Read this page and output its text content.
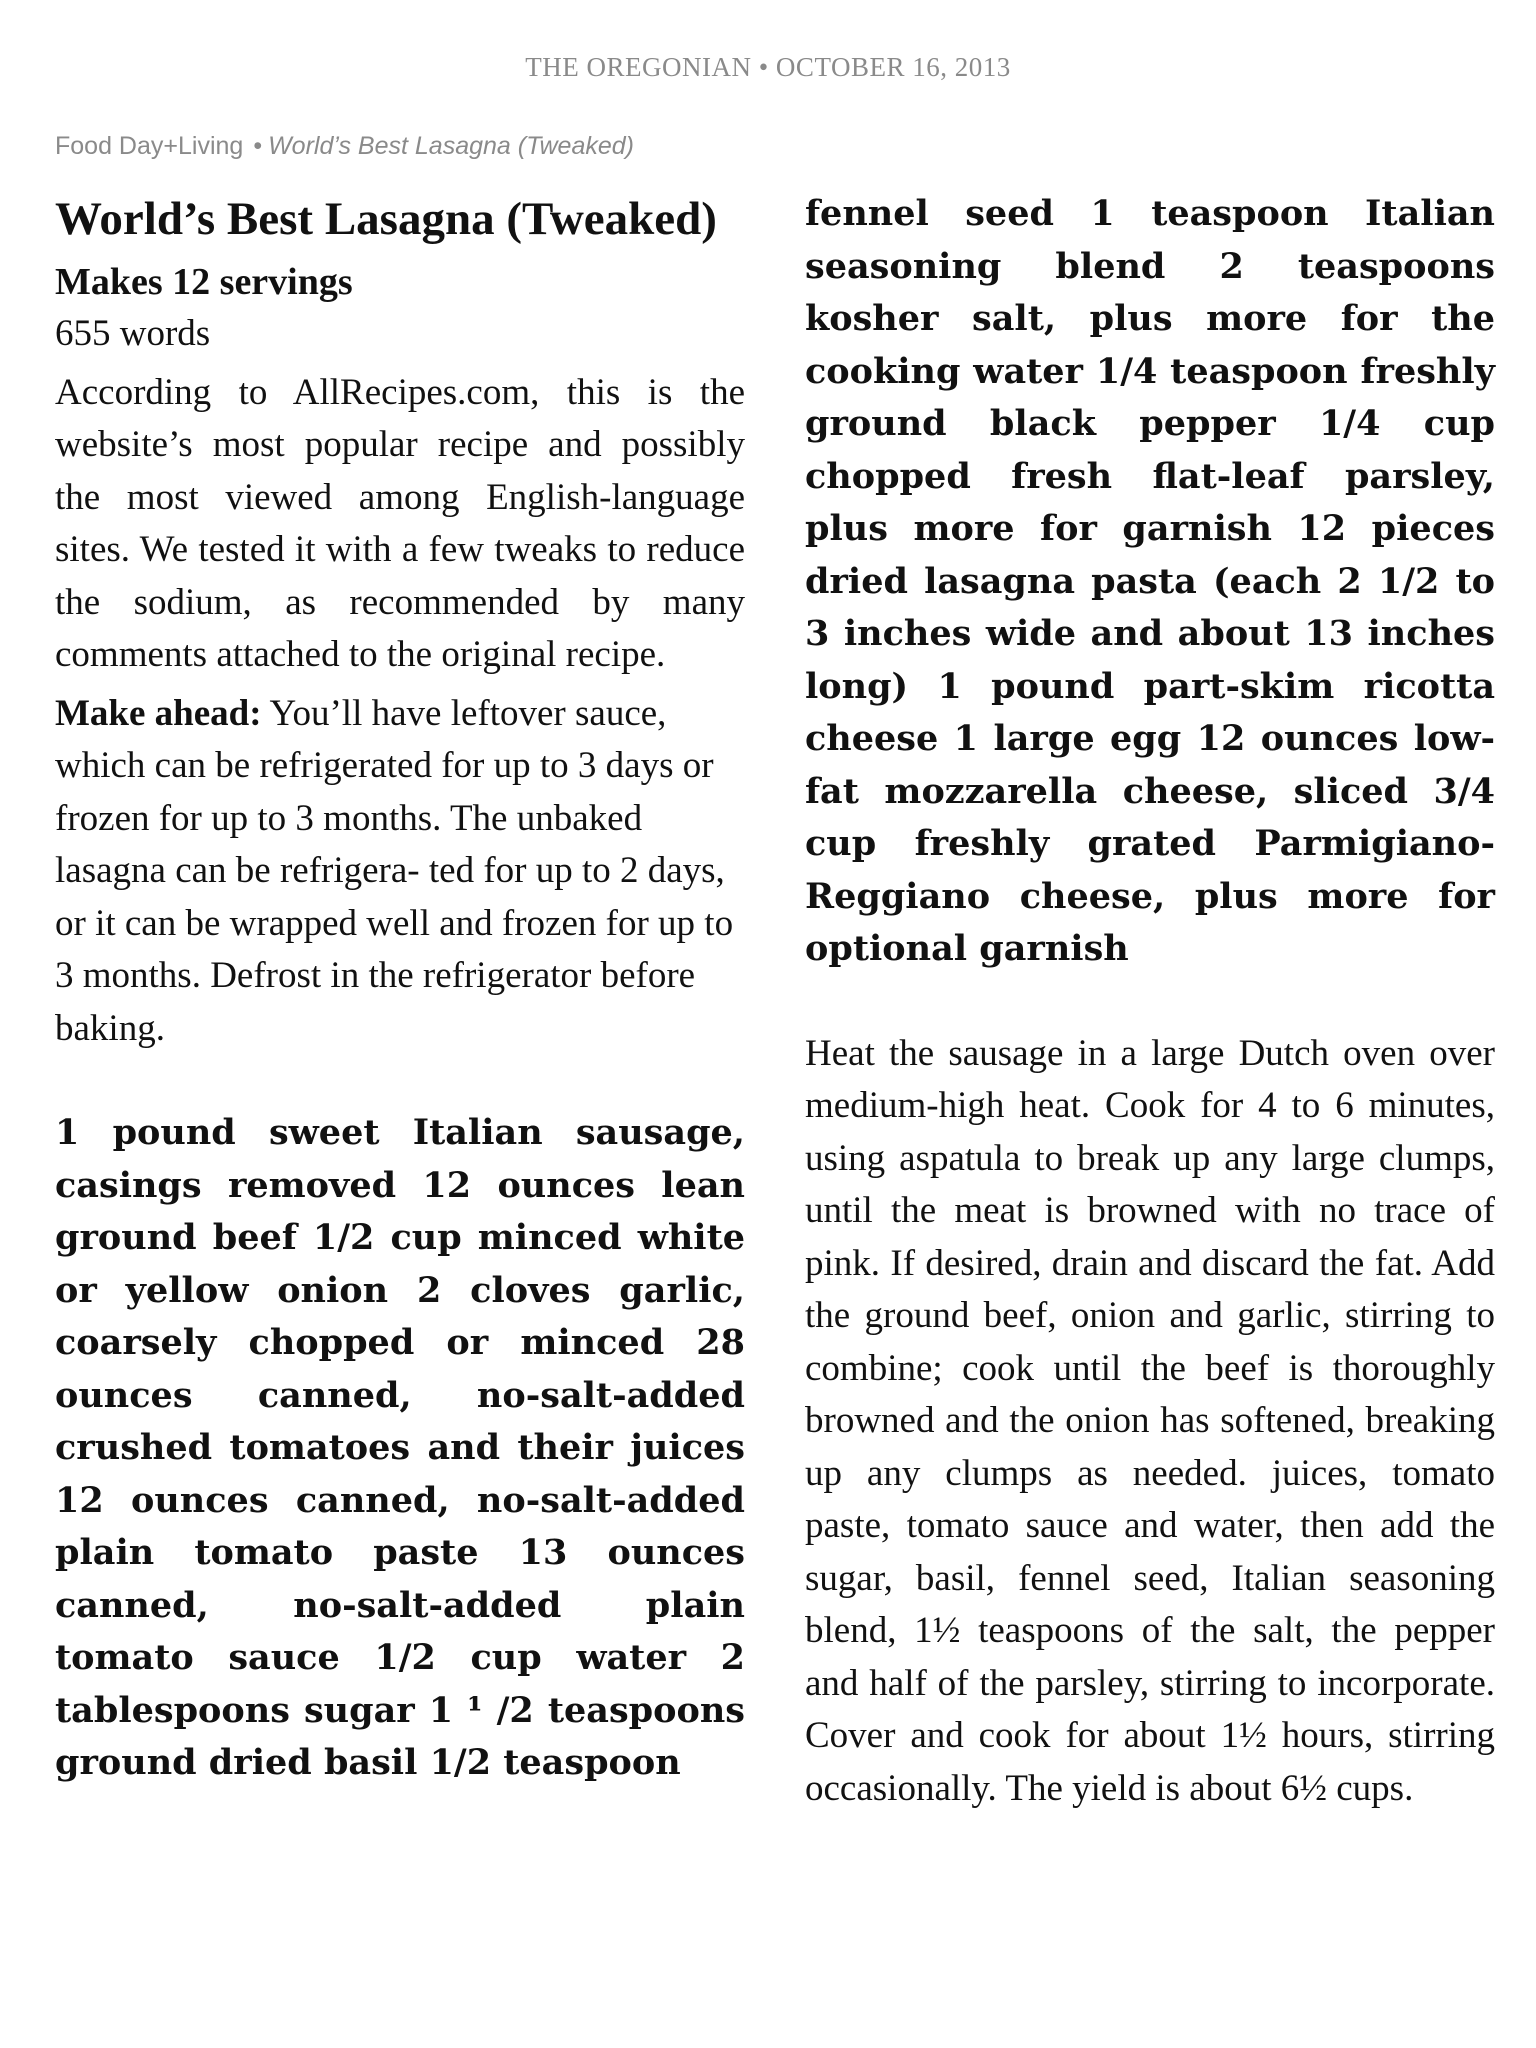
THE OREGONIAN • OCTOBER 16, 2013
Food Day+Living • World’s Best Lasagna (Tweaked)
World’s Best Lasagna (Tweaked)

Makes 12 servings

655 words

According to AllRecipes.com, this is the website’s most popular recipe and possibly the most viewed among English-language sites. We tested it with a few tweaks to reduce the sodium, as recommended by many comments attached to the original recipe.

Make ahead: You’ll have leftover sauce, which can be refrigerated for up to 3 days or frozen for up to 3 months. The unbaked lasagna can be refrigera- ted for up to 2 days, or it can be wrapped well and frozen for up to 3 months. Defrost in the refrigerator before baking.

1 pound sweet Italian sausage, casings removed 12 ounces lean ground beef 1/2 cup minced white or yellow onion 2 cloves garlic, coarsely chopped or minced 28 ounces canned, no-salt-added crushed tomatoes and their juices 12 ounces canned, no-salt-added plain tomato paste 13 ounces canned, no-salt-added plain tomato sauce 1/2 cup water 2 tablespoons sugar 1 ¹ /2 teaspoons ground dried basil 1/2 teaspoon

fennel seed 1 teaspoon Italian seasoning blend 2 teaspoons kosher salt, plus more for the cooking water 1/4 teaspoon freshly ground black pepper 1/4 cup chopped fresh flat-leaf parsley, plus more for garnish 12 pieces dried lasagna pasta (each 2 1/2 to 3 inches wide and about 13 inches long) 1 pound part-skim ricotta cheese 1 large egg 12 ounces low-fat mozzarella cheese, sliced 3/4 cup freshly grated Parmigiano-Reggiano cheese, plus more for optional garnish

Heat the sausage in a large Dutch oven over medium-high heat. Cook for 4 to 6 minutes, using aspatula to break up any large clumps, until the meat is browned with no trace of pink. If desired, drain and discard the fat. Add the ground beef, onion and garlic, stirring to combine; cook until the beef is thoroughly browned and the onion has softened, breaking up any clumps as needed. juices, tomato paste, tomato sauce and water, then add the sugar, basil, fennel seed, Italian seasoning blend, 1½ teaspoons of the salt, the pepper and half of the parsley, stirring to incorporate. Cover and cook for about 1½ hours, stirring occasionally. The yield is about 6½ cups.
